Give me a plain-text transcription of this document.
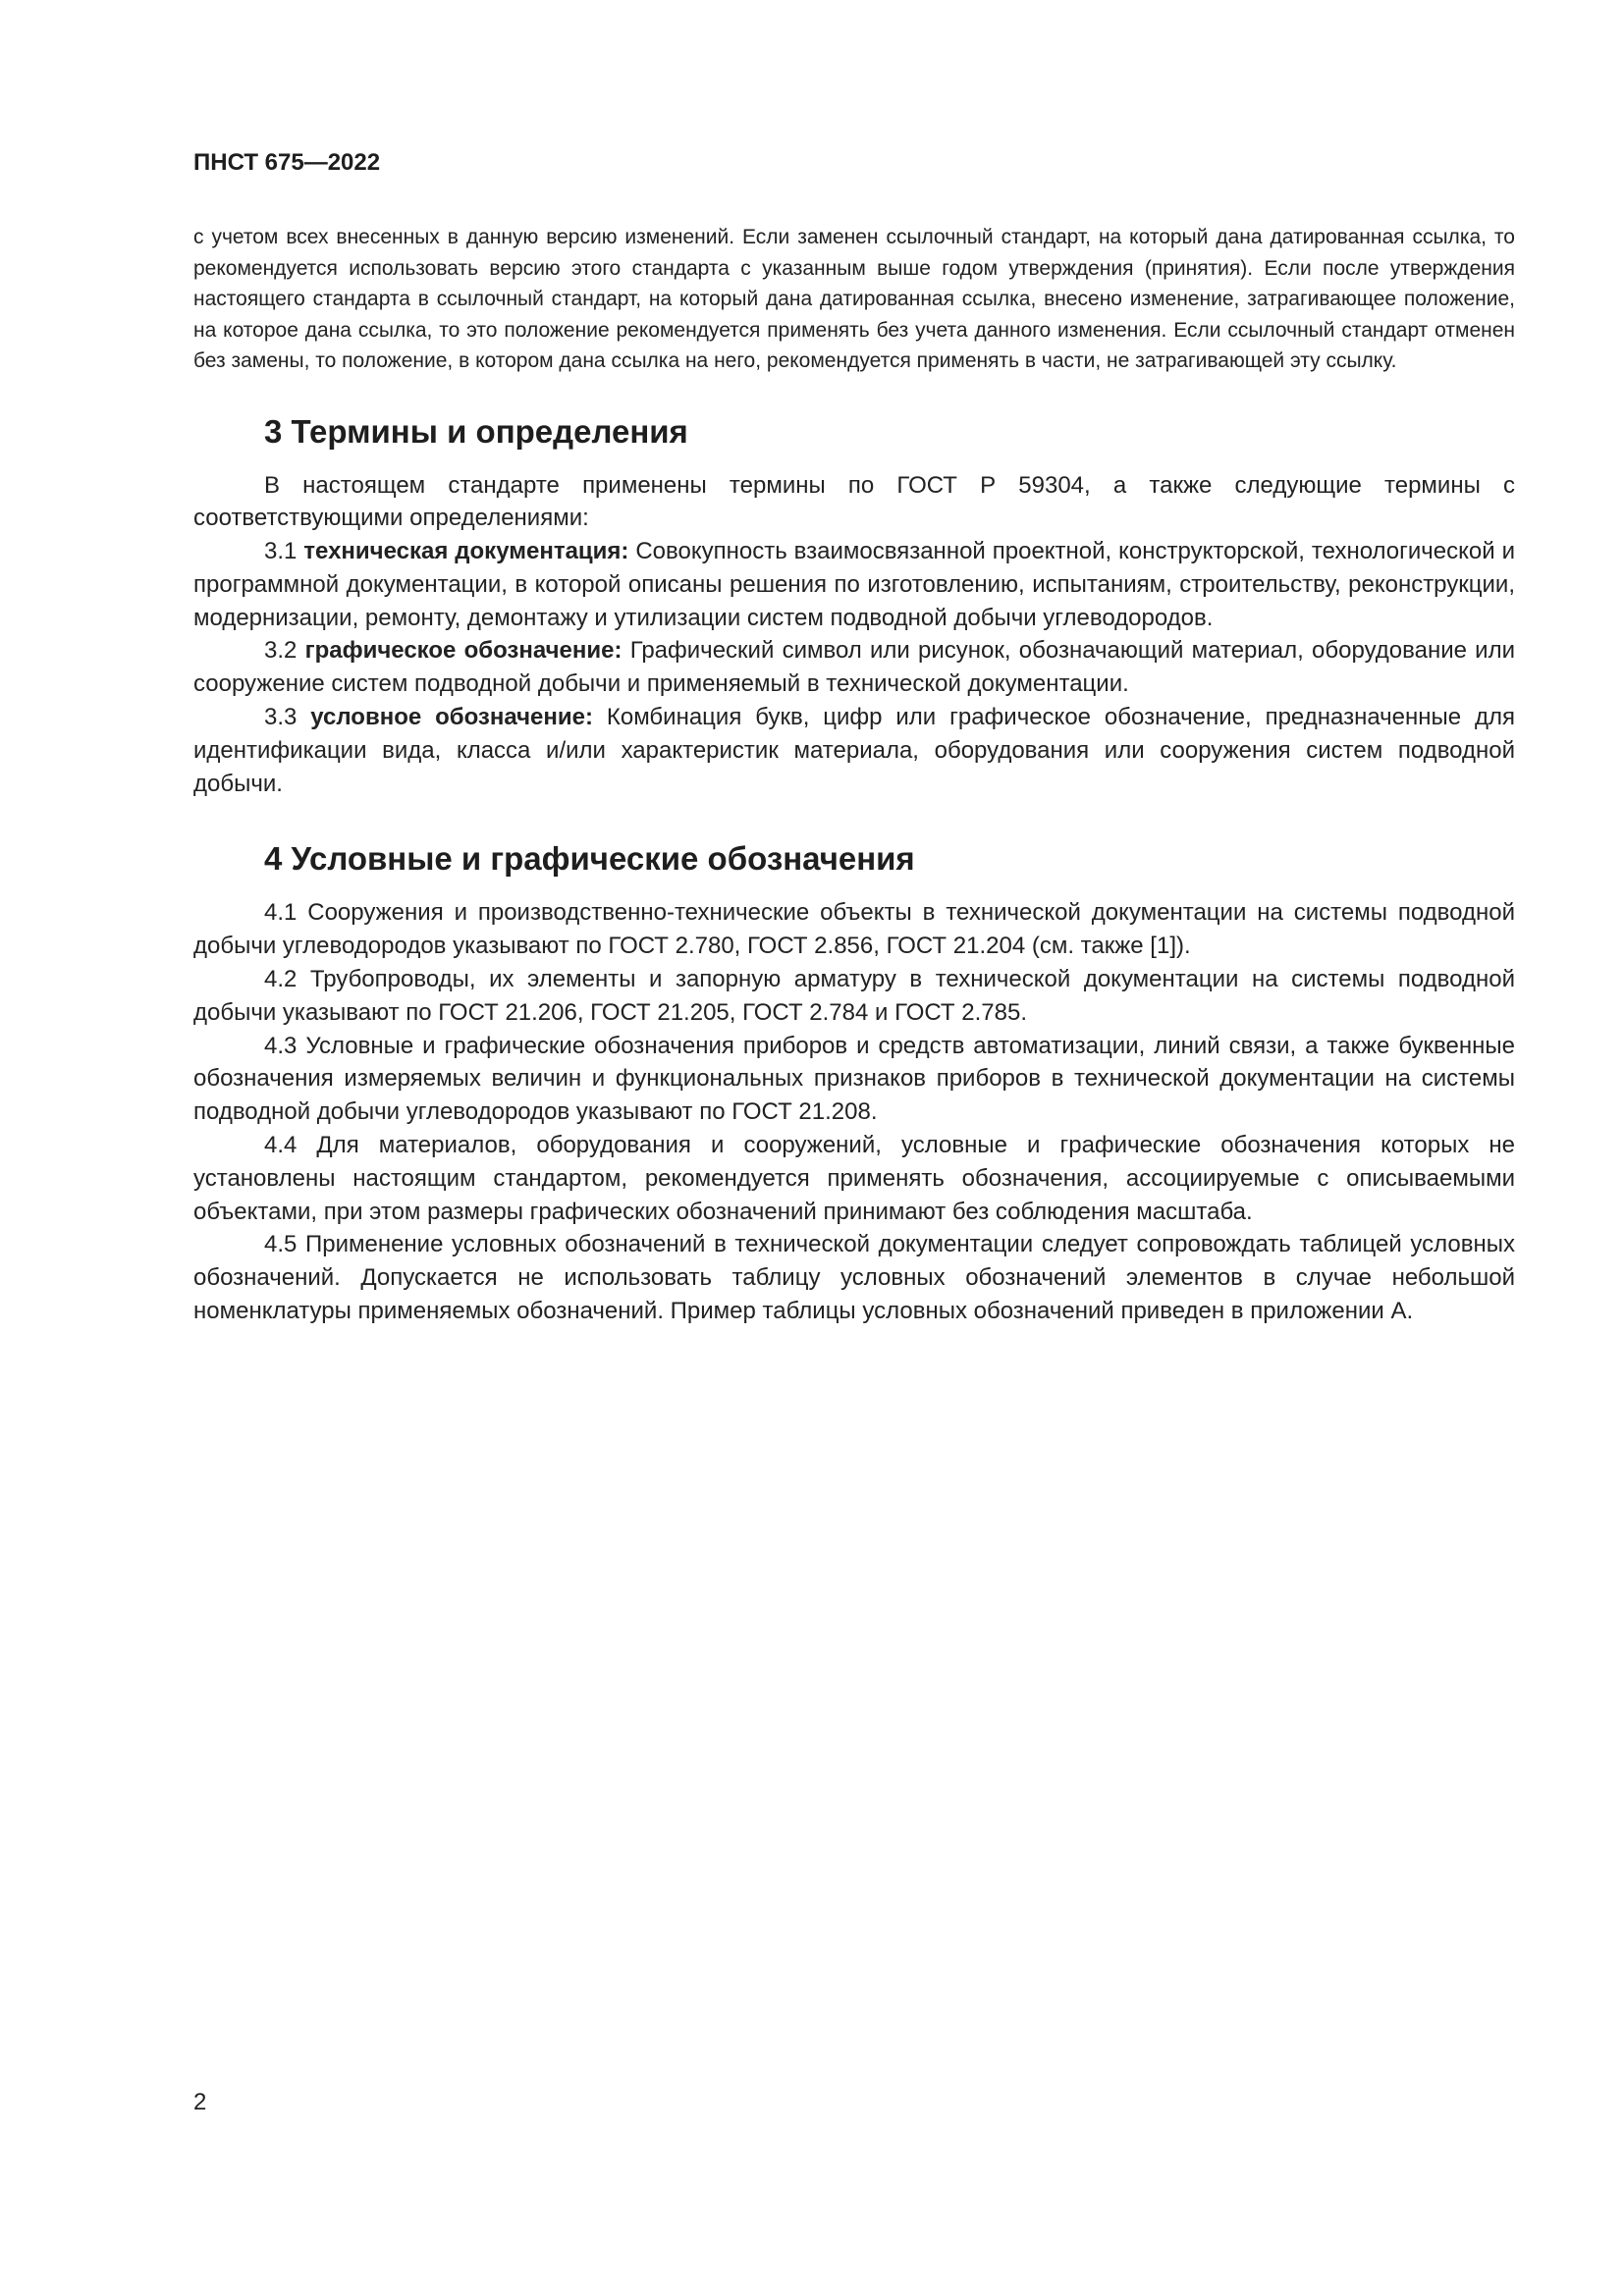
ПНСТ 675—2022

с учетом всех внесенных в данную версию изменений. Если заменен ссылочный стандарт, на который дана датированная ссылка, то рекомендуется использовать версию этого стандарта с указанным выше годом утверждения (принятия). Если после утверждения настоящего стандарта в ссылочный стандарт, на который дана датированная ссылка, внесено изменение, затрагивающее положение, на которое дана ссылка, то это положение рекомендуется применять без учета данного изменения. Если ссылочный стандарт отменен без замены, то положение, в котором дана ссылка на него, рекомендуется применять в части, не затрагивающей эту ссылку.

3 Термины и определения

В настоящем стандарте применены термины по ГОСТ Р 59304, а также следующие термины с соответствующими определениями:

3.1 техническая документация: Совокупность взаимосвязанной проектной, конструкторской, технологической и программной документации, в которой описаны решения по изготовлению, испытаниям, строительству, реконструкции, модернизации, ремонту, демонтажу и утилизации систем подводной добычи углеводородов.

3.2 графическое обозначение: Графический символ или рисунок, обозначающий материал, оборудование или сооружение систем подводной добычи и применяемый в технической документации.

3.3 условное обозначение: Комбинация букв, цифр или графическое обозначение, предназначенные для идентификации вида, класса и/или характеристик материала, оборудования или сооружения систем подводной добычи.

4 Условные и графические обозначения

4.1 Сооружения и производственно-технические объекты в технической документации на системы подводной добычи углеводородов указывают по ГОСТ 2.780, ГОСТ 2.856, ГОСТ 21.204 (см. также [1]).

4.2 Трубопроводы, их элементы и запорную арматуру в технической документации на системы подводной добычи указывают по ГОСТ 21.206, ГОСТ 21.205, ГОСТ 2.784 и ГОСТ 2.785.

4.3 Условные и графические обозначения приборов и средств автоматизации, линий связи, а также буквенные обозначения измеряемых величин и функциональных признаков приборов в технической документации на системы подводной добычи углеводородов указывают по ГОСТ 21.208.

4.4 Для материалов, оборудования и сооружений, условные и графические обозначения которых не установлены настоящим стандартом, рекомендуется применять обозначения, ассоциируемые с описываемыми объектами, при этом размеры графических обозначений принимают без соблюдения масштаба.

4.5 Применение условных обозначений в технической документации следует сопровождать таблицей условных обозначений. Допускается не использовать таблицу условных обозначений элементов в случае небольшой номенклатуры применяемых обозначений. Пример таблицы условных обозначений приведен в приложении А.

2
